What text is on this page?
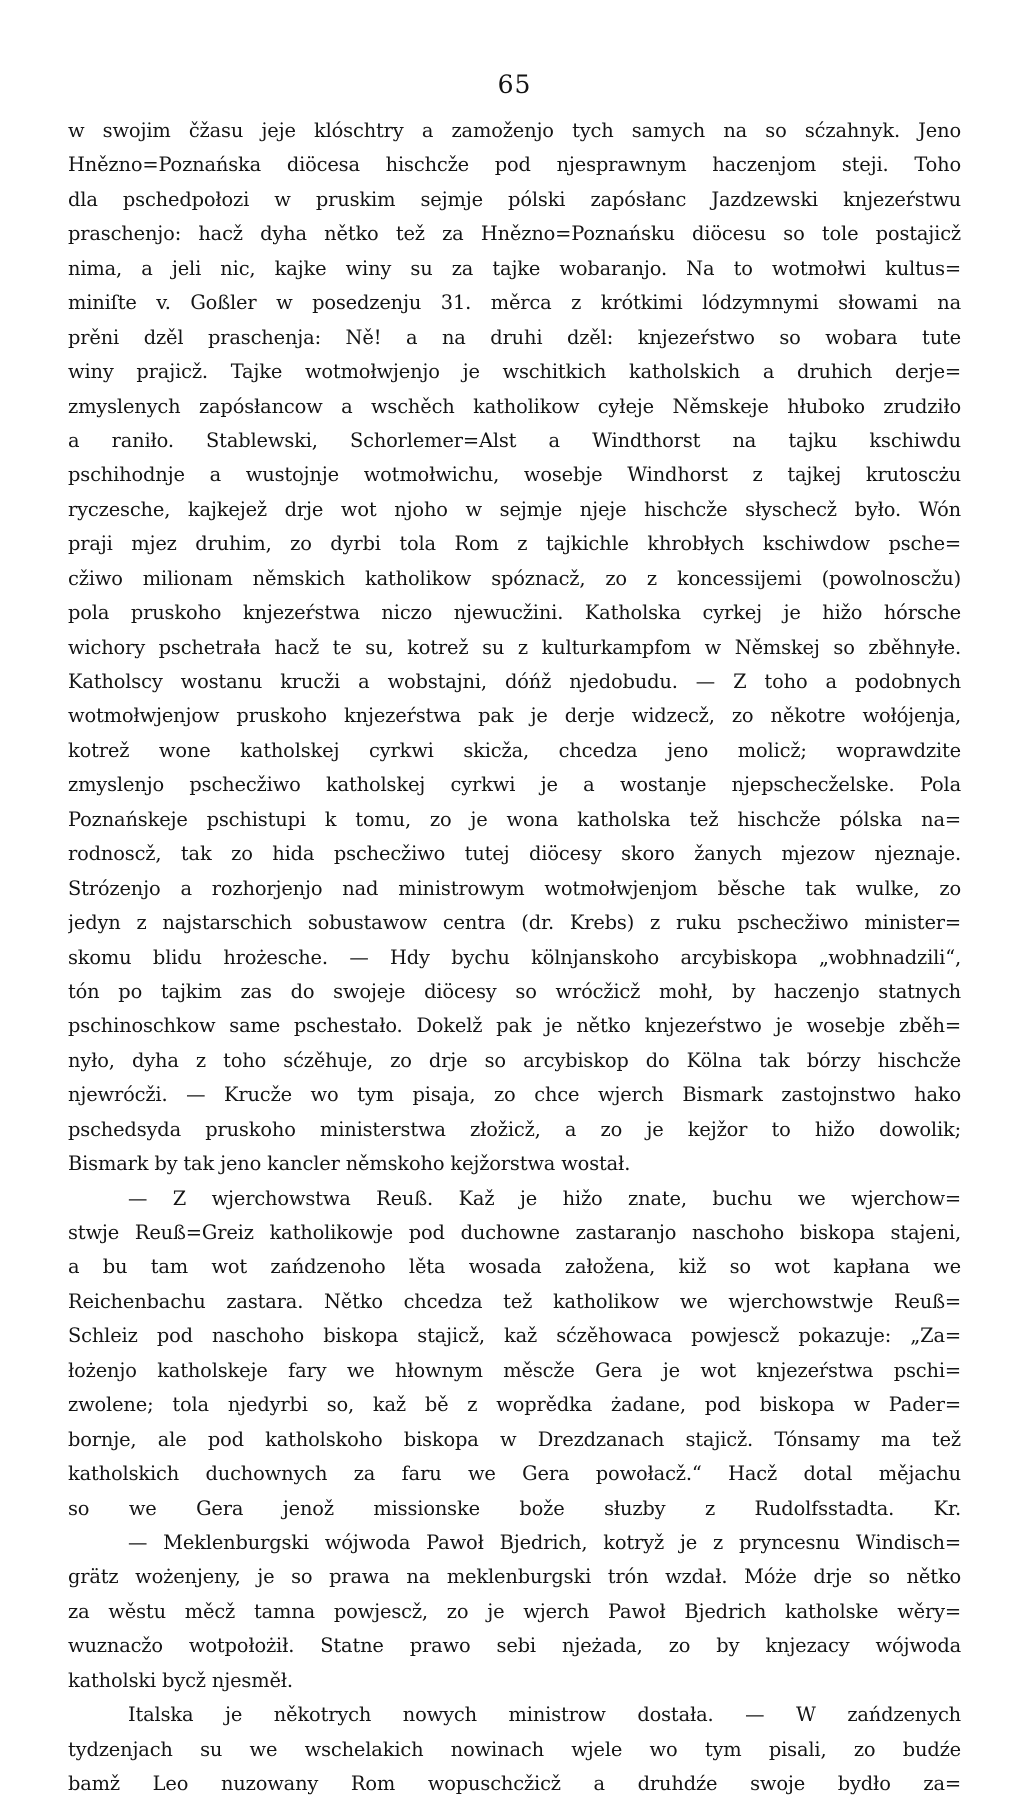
65
w swojim čžasu jeje klóschtry a zamoženjo tych samych na so sćzahnyk. Jeno
Hnězno=Poznańska diöcesa hischcže pod njesprawnym haczenjom steji. Toho
dla pschedpołozi w pruskim sejmje pólski zapósłanc Jazdzewski knjezeŕstwu
praschenjo: hacž dyha nětko tež za Hnězno=Poznańsku diöcesu so tole postajicž
nima, a jeli nic, kajke winy su za tajke wobaranjo. Na to wotmołwi kultus=
miniſte v. Goßler w posedzenju 31. měrca z krótkimi lódzymnymi słowami na
prěni dzěl praschenja: Ně! a na druhi dzěl: knjezeŕstwo so wobara tute
winy prajicž. Tajke wotmołwjenjo je wschitkich katholskich a druhich derje=
zmyslenych zapósłancow a wschěch katholikow cyłeje Němskeje hłuboko zrudziło
a raniło. Stablewski, Schorlemer=Alst a Windthorst na tajku kschiwdu
pschihodnje a wustojnje wotmołwichu, wosebje Windhorst z tajkej krutoscżu
ryczesche, kajkejež drje wot njoho w sejmje njeje hischcže słyschecž było. Wón
praji mjez druhim, zo dyrbi tola Rom z tajkichle khrobłych kschiwdow psche=
cžiwo milionam němskich katholikow spóznacž, zo z koncessijemi (powolnoscžu)
pola pruskoho knjezeŕstwa niczo njewucžini. Katholska cyrkej je hižo hórsche
wichory pschetrała hacž te su, kotrež su z kulturkampfom w Němskej so zběhnyłe.
Katholscy wostanu krucži a wobstajni, dóńž njedobudu. — Z toho a podobnych
wotmołwjenjow pruskoho knjezeŕstwa pak je derje widzecž, zo někotre wołójenja,
kotrež wone katholskej cyrkwi skicža, chcedza jeno molicž; woprawdzite
zmyslenjo pschecžiwo katholskej cyrkwi je a wostanje njepschecželske. Pola
Poznańskeje pschistupi k tomu, zo je wona katholska tež hischcže pólska na=
rodnoscž, tak zo hida pschecžiwo tutej diöcesy skoro žanych mjezow njeznaje.
Strózenjo a rozhorjenjo nad ministrowym wotmołwjenjom běsche tak wulke, zo
jedyn z najstarschich sobustawow centra (dr. Krebs) z ruku pschecžiwo minister=
skomu blidu hrożesche. — Hdy bychu kölnjanskoho arcybiskopa „wobhnadzili“,
tón po tajkim zas do swojeje diöcesy so wrócžicž mohł, by haczenjo statnych
pschinoschkow same pschestało. Dokelž pak je nětko knjezeŕstwo je wosebje zběh=
nyło, dyha z toho sćzěhuje, zo drje so arcybiskop do Kölna tak bórzy hischcže
njewrócži. — Krucže wo tym pisaja, zo chce wjerch Bismark zastojnstwo hako
pschedsyda pruskoho ministerstwa złožicž, a zo je kejžor to hižo dowolik;
Bismark by tak jeno kancler němskoho kejžorstwa wostał.
— Z wjerchowstwa Reuß. Kaž je hižo znate, buchu we wjerchow=
stwje Reuß=Greiz katholikowje pod duchowne zastaranjo naschoho biskopa stajeni,
a bu tam wot zańdzenoho lěta wosada załožena, kiž so wot kapłana we
Reichenbachu zastara. Nětko chcedza tež katholikow we wjerchowstwje Reuß=
Schleiz pod naschoho biskopa stajicž, kaž sćzěhowaca powjescž pokazuje: „Za=
łożenjo katholskeje fary we hłownym měscže Gera je wot knjezeŕstwa pschi=
zwolene; tola njedyrbi so, kaž bě z woprědka żadane, pod biskopa w Pader=
bornje, ale pod katholskoho biskopa w Drezdzanach stajicž. Tónsamy ma tež
katholskich duchownych za faru we Gera powołacž.“ Hacž dotal mějachu
so we Gera jenož missionske bože słuzby z Rudolfsstadta. Kr.
— Meklenburgski wójwoda Pawoł Bjedrich, kotryž je z pryncesnu Windisch=
grätz wożenjeny, je so prawa na meklenburgski trón wzdał. Móże drje so nětko
za wěstu měcž tamna powjescž, zo je wjerch Pawoł Bjedrich katholske wěry=
wuznacžo wotpołożił. Statne prawo sebi njeżada, zo by knjezacy wójwoda
katholski bycž njesměł.
Italska je někotrych nowych ministrow dostała. — W zańdzenych
tydzenjach su we wschelakich nowinach wjele wo tym pisali, zo budźe
bamž Leo nuzowany Rom wopuschcžicž a druhdźe swoje bydło za=
